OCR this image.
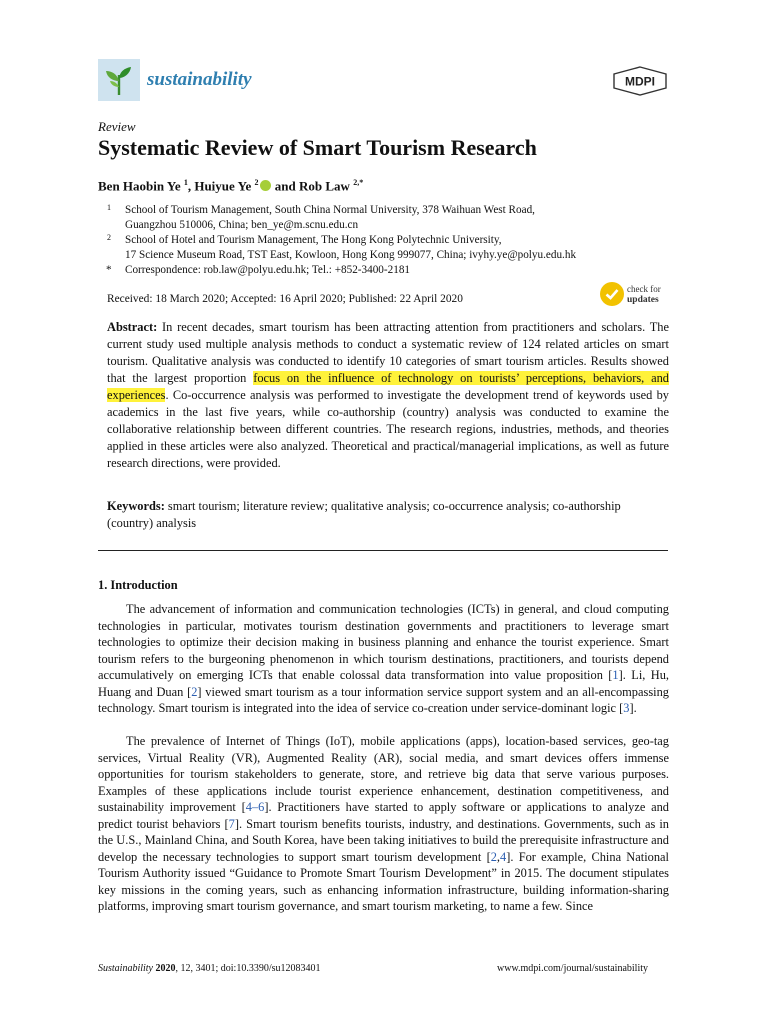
sustainability	MDPI
Review
Systematic Review of Smart Tourism Research
Ben Haobin Ye $^1$, Huiyue Ye $^2$ and Rob Law $^{2,*}$
1 School of Tourism Management, South China Normal University, 378 Waihuan West Road,
Guangzhou 510006, China; ben_ye@m.scnu.edu.cn
2 School of Hotel and Tourism Management, The Hong Kong Polytechnic University,
17 Science Museum Road, TST East, Kowloon, Hong Kong 999077, China; ivyhy.ye@polyu.edu.hk
* Correspondence: rob.law@polyu.edu.hk; Tel.: +852-3400-2181
Received: 18 March 2020; Accepted: 16 April 2020; Published: 22 April 2020
check for
updates

Abstract: In recent decades, smart tourism has been attracting attention from practitioners and scholars. The current study used multiple analysis methods to conduct a systematic review of 124 related articles on smart tourism. Qualitative analysis was conducted to identify 10 categories of smart tourism articles. Results showed that the largest proportion focus on the influence of technology on tourists’ perceptions, behaviors, and experiences. Co-occurrence analysis was performed to investigate the development trend of keywords used by academics in the last five years, while co-authorship (country) analysis was conducted to examine the collaborative relationship between different countries. The research regions, industries, methods, and theories applied in these articles were also analyzed. Theoretical and practical/managerial implications, as well as future research directions, were provided.

Keywords: smart tourism; literature review; qualitative analysis; co-occurrence analysis; co-authorship (country) analysis

1. Introduction

The advancement of information and communication technologies (ICTs) in general, and cloud computing technologies in particular, motivates tourism destination governments and practitioners to leverage smart technologies to optimize their decision making in business planning and enhance the tourist experience. Smart tourism refers to the burgeoning phenomenon in which tourism destinations, practitioners, and tourists depend accumulatively on emerging ICTs that enable colossal data transformation into value proposition [1]. Li, Hu, Huang and Duan [2] viewed smart tourism as a tour information service support system and an all-encompassing technology. Smart tourism is integrated into the idea of service co-creation under service-dominant logic [3].

The prevalence of Internet of Things (IoT), mobile applications (apps), location-based services, geo-tag services, Virtual Reality (VR), Augmented Reality (AR), social media, and smart devices offers immense opportunities for tourism stakeholders to generate, store, and retrieve big data that serve various purposes. Examples of these applications include tourist experience enhancement, destination competitiveness, and sustainability improvement [4–6]. Practitioners have started to apply software or applications to analyze and predict tourist behaviors [7]. Smart tourism benefits tourists, industry, and destinations. Governments, such as in the U.S., Mainland China, and South Korea, have been taking initiatives to build the prerequisite infrastructure and develop the necessary technologies to support smart tourism development [2,4]. For example, China National Tourism Authority issued “Guidance to Promote Smart Tourism Development” in 2015. The document stipulates key missions in the coming years, such as enhancing information infrastructure, building information-sharing platforms, improving smart tourism governance, and smart tourism marketing, to name a few. Since

Sustainability 2020, 12, 3401; doi:10.3390/su12083401	www.mdpi.com/journal/sustainability
